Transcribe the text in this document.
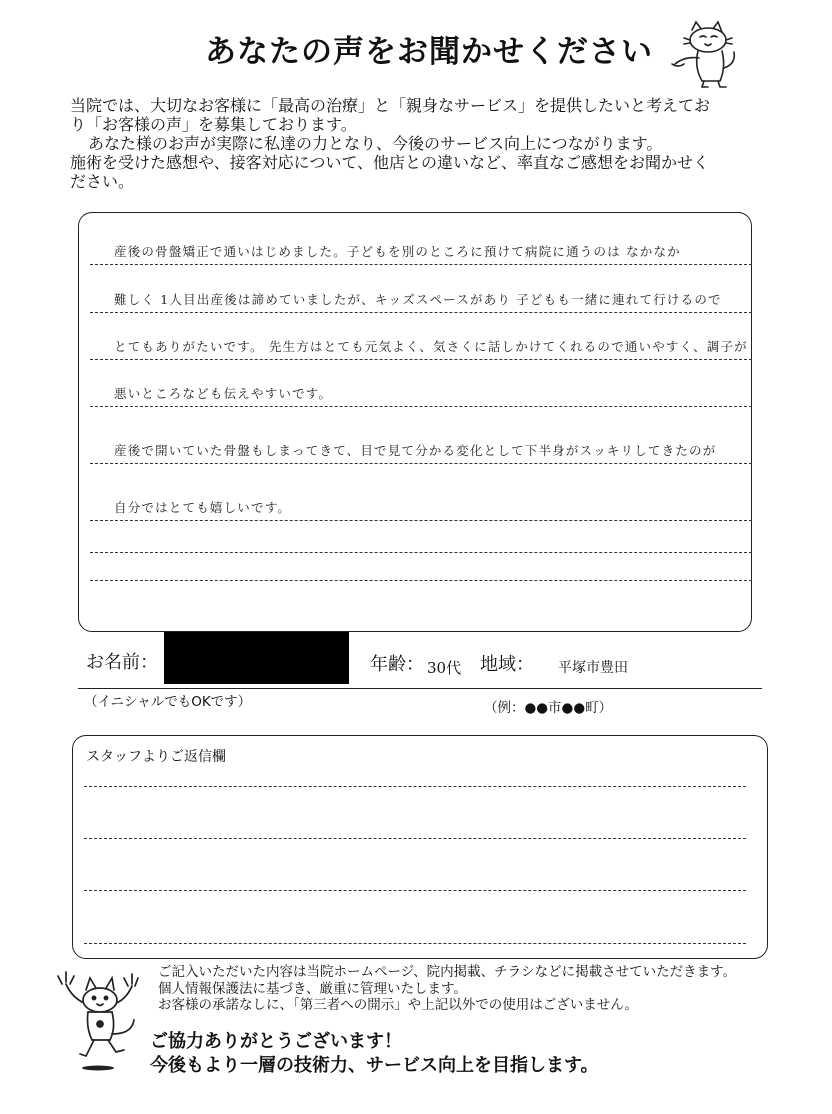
あなたの声をお聞かせください

当院では、大切なお客様に「最高の治療」と「親身なサービス」を提供したいと考えてお

り「お客様の声」を募集しております。

あなた様のお声が実際に私達の力となり、今後のサービス向上につながります。

施術を受けた感想や、接客対応について、他店との違いなど、率直なご感想をお聞かせく

ださい。

産後の骨盤矯正で通いはじめました。子どもを別のところに預けて病院に通うのは なかなか
難しく 1人目出産後は諦めていましたが、キッズスペースがあり 子どもも一緒に連れて行けるので
とてもありがたいです。 先生方はとても元気よく、気さくに話しかけてくれるので通いやすく、調子が
悪いところなども伝えやすいです。
産後で開いていた骨盤もしまってきて、目で見て分かる変化として下半身がスッキリしてきたのが
自分ではとても嬉しいです。
お名前：	年齢： 30代 地域： 平塚市豊田
（イニシャルでもOKです）	（例：●●市●●町）
スタッフよりご返信欄
ご記入いただいた内容は当院ホームページ、院内掲載、チラシなどに掲載させていただきます。
個人情報保護法に基づき、厳重に管理いたします。
お客様の承諾なしに、「第三者への開示」や上記以外での使用はございません。
ご協力ありがとうございます！
今後もより一層の技術力、サービス向上を目指します。
